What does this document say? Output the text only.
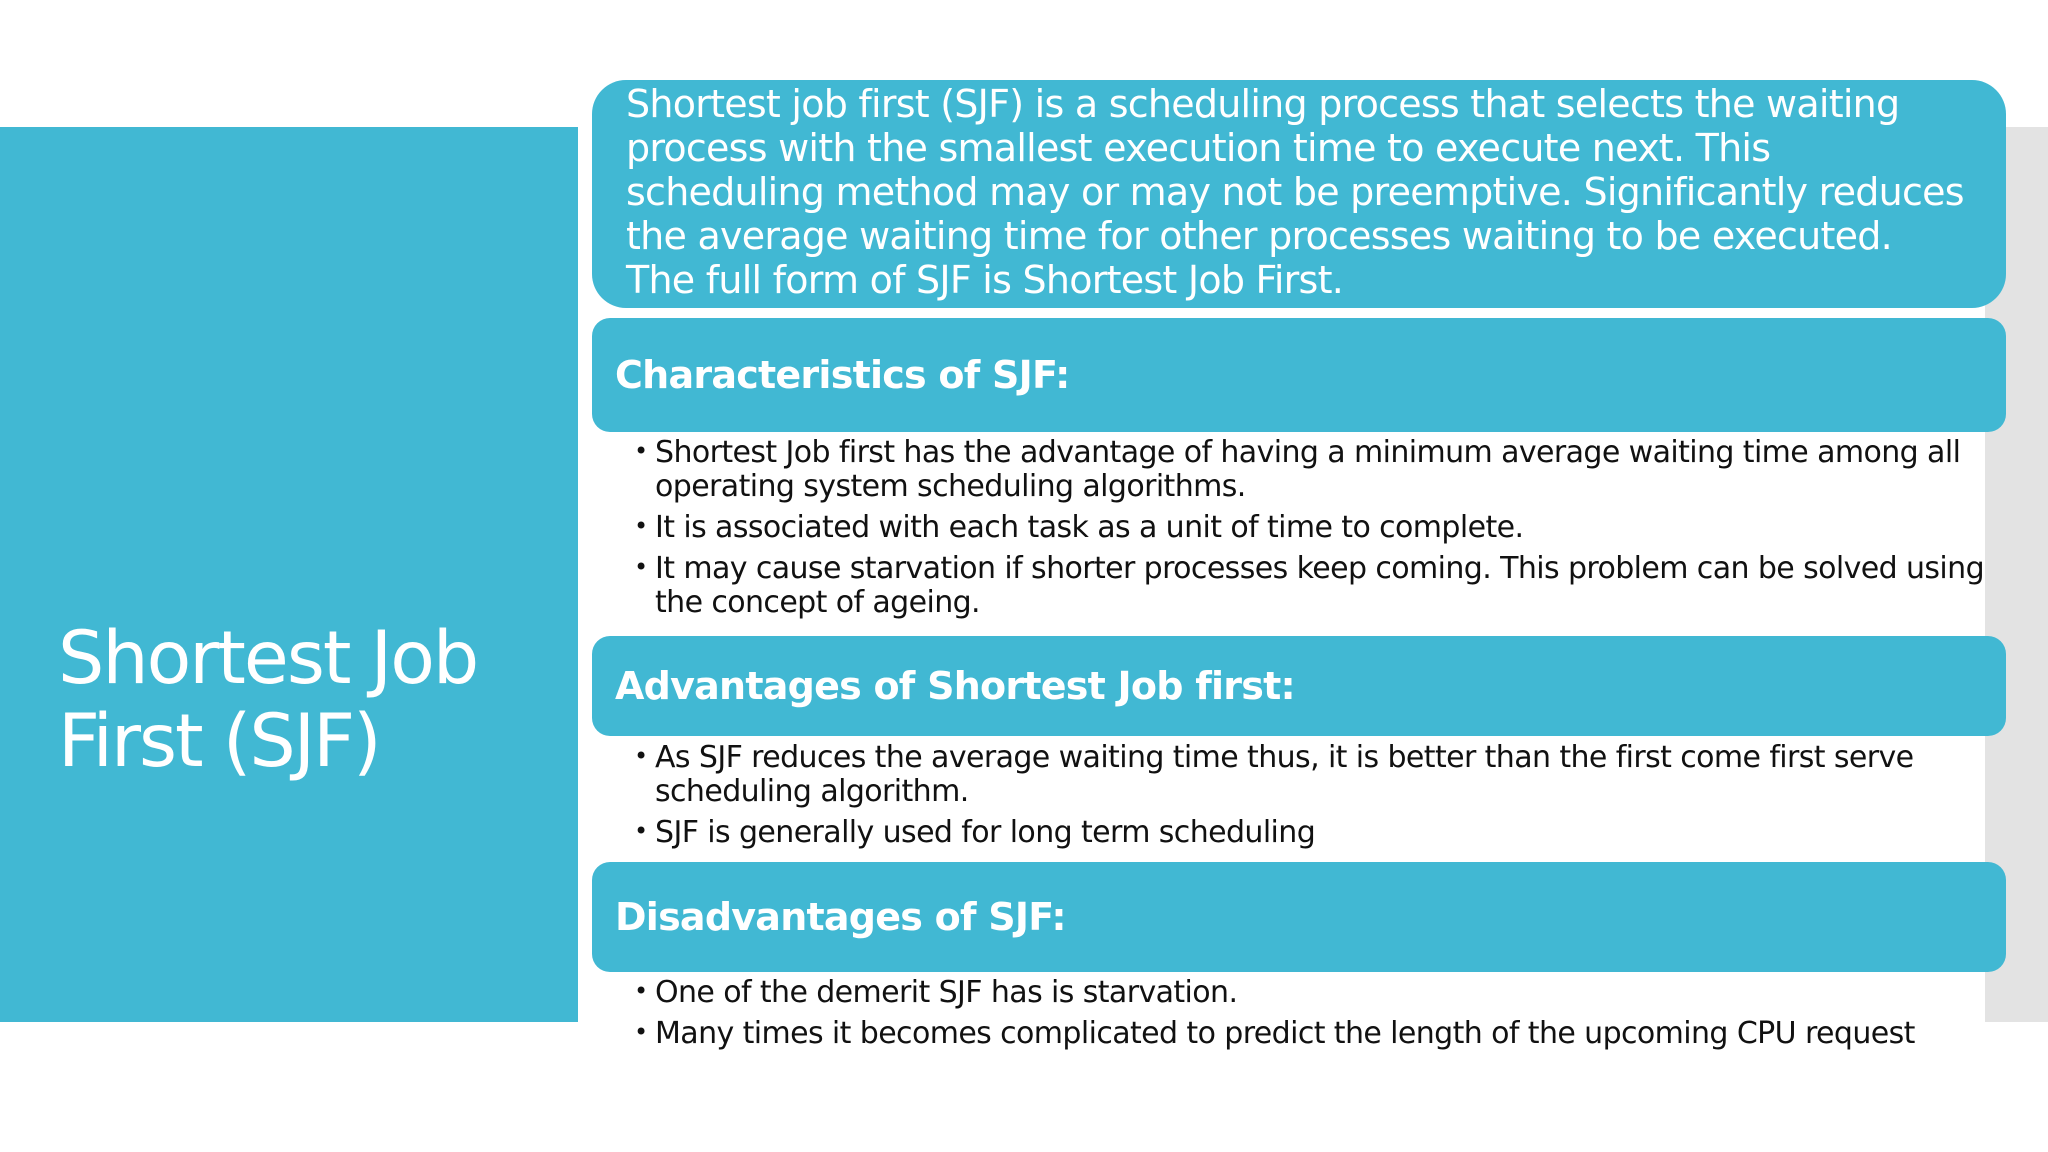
Shortest Job First (SJF)

Shortest job first (SJF) is a scheduling process that selects the waiting process with the smallest execution time to execute next. This scheduling method may or may not be preemptive. Significantly reduces the average waiting time for other processes waiting to be executed. The full form of SJF is Shortest Job First.

Characteristics of SJF:
• Shortest Job first has the advantage of having a minimum average waiting time among all operating system scheduling algorithms.
• It is associated with each task as a unit of time to complete.
• It may cause starvation if shorter processes keep coming. This problem can be solved using the concept of ageing.
Advantages of Shortest Job first:
• As SJF reduces the average waiting time thus, it is better than the first come first serve scheduling algorithm.
• SJF is generally used for long term scheduling
Disadvantages of SJF:
• One of the demerit SJF has is starvation.
• Many times it becomes complicated to predict the length of the upcoming CPU request
